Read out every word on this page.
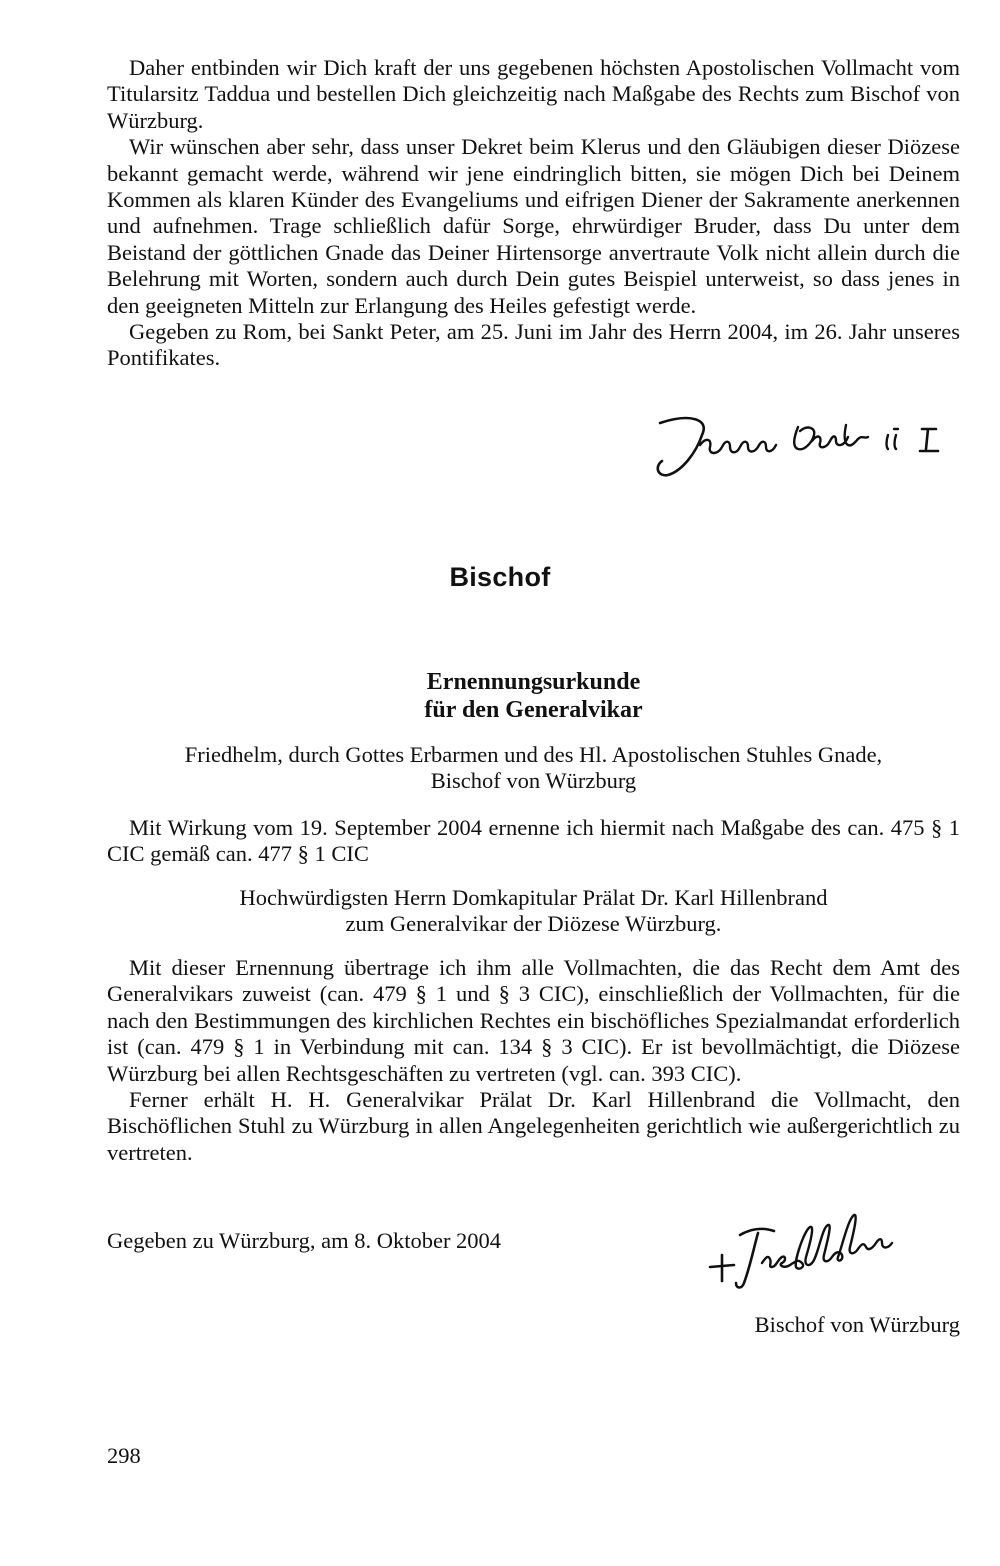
Daher entbinden wir Dich kraft der uns gegebenen höchsten Apostolischen Vollmacht vom Titularsitz Taddua und bestellen Dich gleichzeitig nach Maßgabe des Rechts zum Bischof von Würzburg.

Wir wünschen aber sehr, dass unser Dekret beim Klerus und den Gläubigen dieser Diözese bekannt gemacht werde, während wir jene eindringlich bitten, sie mögen Dich bei Deinem Kommen als klaren Künder des Evangeliums und eifrigen Diener der Sakramente anerkennen und aufnehmen. Trage schließlich dafür Sorge, ehrwürdiger Bruder, dass Du unter dem Beistand der göttlichen Gnade das Deiner Hirtensorge anvertraute Volk nicht allein durch die Belehrung mit Worten, sondern auch durch Dein gutes Beispiel unterweist, so dass jenes in den geeigneten Mitteln zur Erlangung des Heiles gefestigt werde.

Gegeben zu Rom, bei Sankt Peter, am 25. Juni im Jahr des Herrn 2004, im 26. Jahr unseres Pontifikates.

Bischof
Ernennungsurkunde
für den Generalvikar

Friedhelm, durch Gottes Erbarmen und des Hl. Apostolischen Stuhles Gnade,

Bischof von Würzburg

Mit Wirkung vom 19. September 2004 ernenne ich hiermit nach Maßgabe des can. 475 § 1 CIC gemäß can. 477 § 1 CIC

Hochwürdigsten Herrn Domkapitular Prälat Dr. Karl Hillenbrand

zum Generalvikar der Diözese Würzburg.

Mit dieser Ernennung übertrage ich ihm alle Vollmachten, die das Recht dem Amt des Generalvikars zuweist (can. 479 § 1 und § 3 CIC), einschließlich der Vollmachten, für die nach den Bestimmungen des kirchlichen Rechtes ein bischöfliches Spezialmandat erforderlich ist (can. 479 § 1 in Verbindung mit can. 134 § 3 CIC). Er ist bevollmächtigt, die Diözese Würzburg bei allen Rechtsgeschäften zu vertreten (vgl. can. 393 CIC).

Ferner erhält H. H. Generalvikar Prälat Dr. Karl Hillenbrand die Vollmacht, den Bischöflichen Stuhl zu Würzburg in allen Angelegenheiten gerichtlich wie außergerichtlich zu vertreten.

Gegeben zu Würzburg, am 8. Oktober 2004

Bischof von Würzburg
298
